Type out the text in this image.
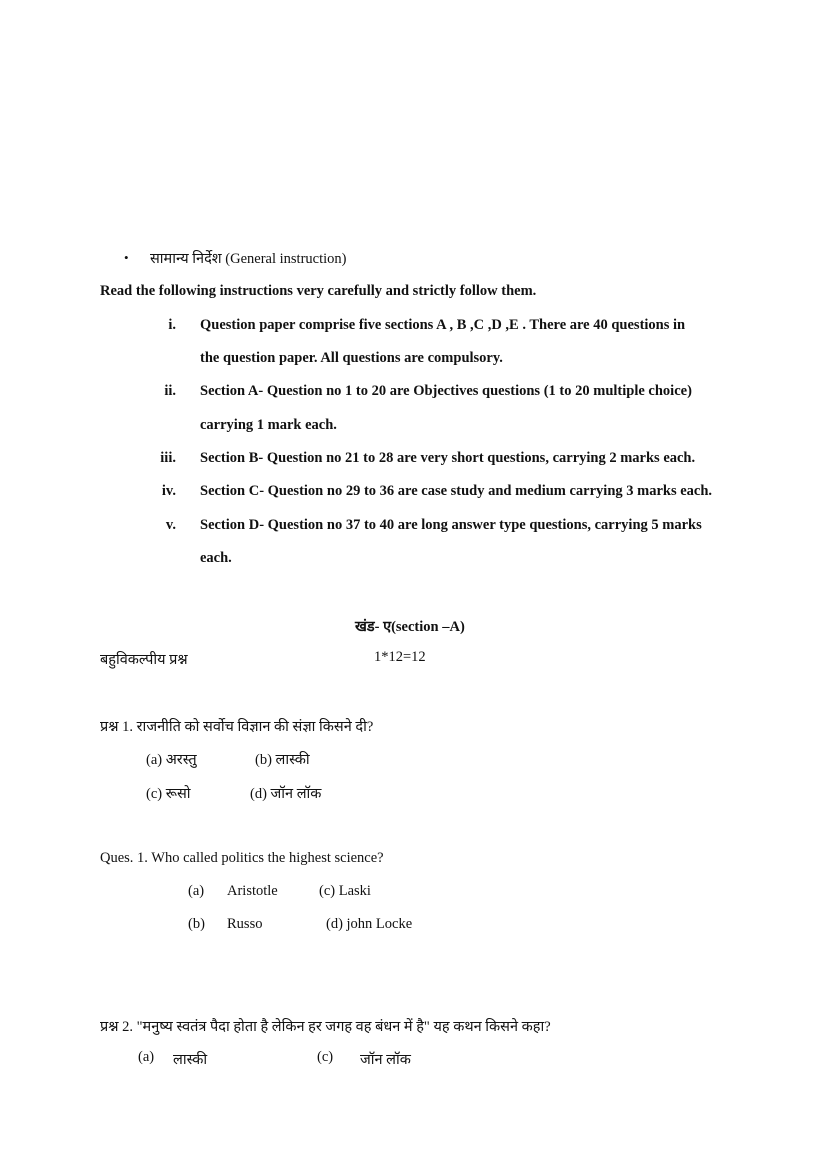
• सामान्य निर्देश (General instruction)
Read the following instructions very carefully and strictly follow them.
i. Question paper comprise five sections A , B ,C ,D ,E . There are 40 questions in
the question paper. All questions are compulsory.
ii. Section A- Question no 1 to 20 are Objectives questions (1 to 20 multiple choice)
carrying 1 mark each.
iii. Section B- Question no 21 to 28 are very short questions, carrying 2 marks each.
iv. Section C- Question no 29 to 36 are case study and medium carrying 3 marks each.
v. Section D- Question no 37 to 40 are long answer type questions, carrying 5 marks
each.
खंड- ए(section –A)
बहुविकल्पीय प्रश्न	1*12=12
प्रश्न 1. राजनीति को सर्वोच विज्ञान की संज्ञा किसने दी?
(a) अरस्तु	(b) लास्की
(c) रूसो	(d) जॉन लॉक
Ques. 1. Who called politics the highest science?
(a) Aristotle	(c) Laski
(b) Russo	(d) john Locke
प्रश्न 2. "मनुष्य स्वतंत्र पैदा होता है लेकिन हर जगह वह बंधन में है" यह कथन किसने कहा?
(a) लास्की	(c) जॉन लॉक
